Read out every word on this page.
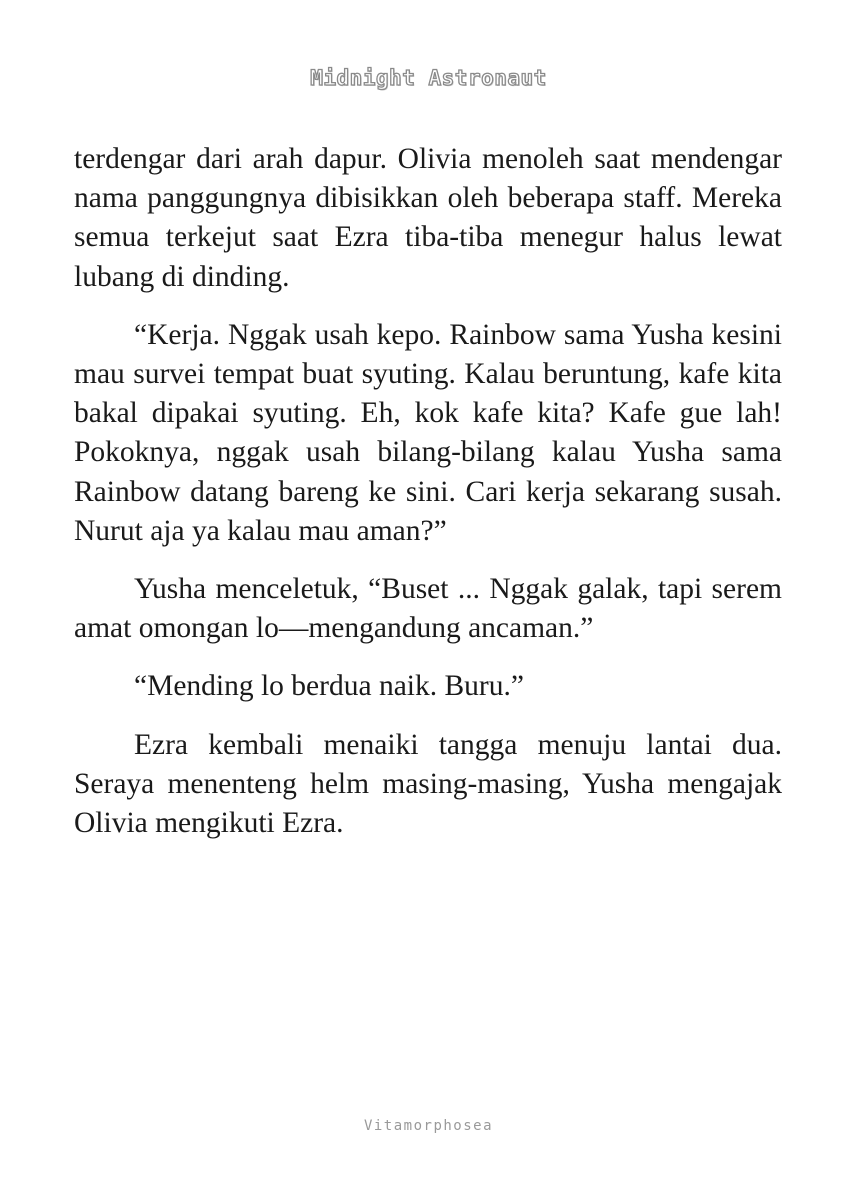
Midnight Astronaut

terdengar dari arah dapur. Olivia menoleh saat mendengar nama panggungnya dibisikkan oleh beberapa staff. Mereka semua terkejut saat Ezra tiba-tiba menegur halus lewat lubang di dinding.

“Kerja. Nggak usah kepo. Rainbow sama Yusha kesini mau survei tempat buat syuting. Kalau beruntung, kafe kita bakal dipakai syuting. Eh, kok kafe kita? Kafe gue lah! Pokoknya, nggak usah bilang-bilang kalau Yusha sama Rainbow datang bareng ke sini. Cari kerja sekarang susah. Nurut aja ya kalau mau aman?”

Yusha menceletuk, “Buset ... Nggak galak, tapi serem amat omongan lo—mengandung ancaman.”

“Mending lo berdua naik. Buru.”

Ezra kembali menaiki tangga menuju lantai dua. Seraya menenteng helm masing-masing, Yusha mengajak Olivia mengikuti Ezra.

Vitamorphosea
